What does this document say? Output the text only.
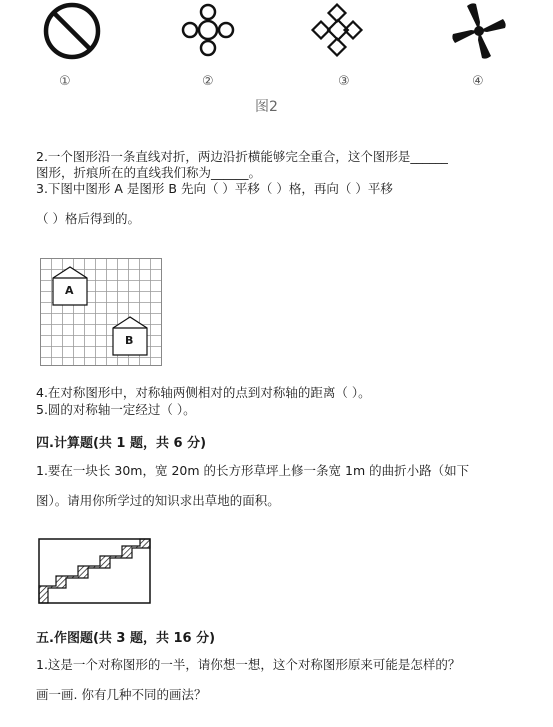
①	②	③	④
图2
2.一个图形沿一条直线对折，两边沿折横能够完全重合，这个图形是______
图形，折痕所在的直线我们称为______。
3.下图中图形 A 是图形 B 先向（ ）平移（ ）格，再向（ ）平移
（ ）格后得到的。
A
B
4.在对称图形中，对称轴两侧相对的点到对称轴的距离（ ）。
5.圆的对称轴一定经过（ ）。
四.计算题(共 1 题，共 6 分)
1.要在一块长 30m，宽 20m 的长方形草坪上修一条宽 1m 的曲折小路（如下
图）。请用你所学过的知识求出草地的面积。
五.作图题(共 3 题，共 16 分)
1.这是一个对称图形的一半，请你想一想，这个对称图形原来可能是怎样的？
画一画. 你有几种不同的画法？
